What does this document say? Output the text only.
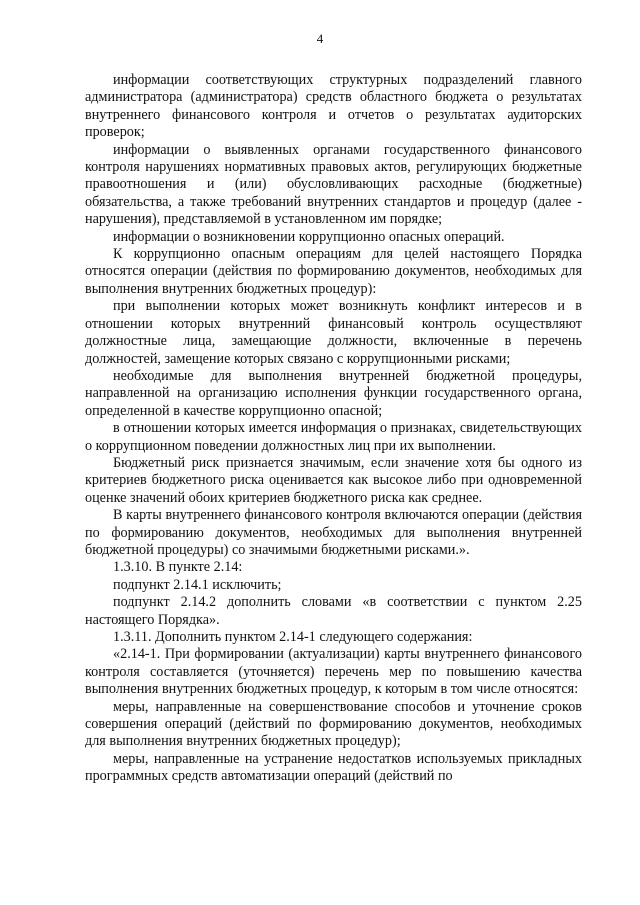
4

информации соответствующих структурных подразделений главного администратора (администратора) средств областного бюджета о результатах внутреннего финансового контроля и отчетов о результатах аудиторских проверок;

информации о выявленных органами государственного финансового контроля нарушениях нормативных правовых актов, регулирующих бюджетные правоотношения и (или) обусловливающих расходные (бюджетные) обязательства, а также требований внутренних стандартов и процедур (далее - нарушения), представляемой в установленном им порядке;

информации о возникновении коррупционно опасных операций.

К коррупционно опасным операциям для целей настоящего Порядка относятся операции (действия по формированию документов, необходимых для выполнения внутренних бюджетных процедур):

при выполнении которых может возникнуть конфликт интересов и в отношении которых внутренний финансовый контроль осуществляют должностные лица, замещающие должности, включенные в перечень должностей, замещение которых связано с коррупционными рисками;

необходимые для выполнения внутренней бюджетной процедуры, направленной на организацию исполнения функции государственного органа, определенной в качестве коррупционно опасной;

в отношении которых имеется информация о признаках, свидетельствующих о коррупционном поведении должностных лиц при их выполнении.

Бюджетный риск признается значимым, если значение хотя бы одного из критериев бюджетного риска оценивается как высокое либо при одновременной оценке значений обоих критериев бюджетного риска как среднее.

В карты внутреннего финансового контроля включаются операции (действия по формированию документов, необходимых для выполнения внутренней бюджетной процедуры) со значимыми бюджетными рисками.».

1.3.10. В пункте 2.14:

подпункт 2.14.1 исключить;

подпункт 2.14.2 дополнить словами «в соответствии с пунктом 2.25 настоящего Порядка».

1.3.11. Дополнить пунктом 2.14-1 следующего содержания:

«2.14-1. При формировании (актуализации) карты внутреннего финансового контроля составляется (уточняется) перечень мер по повышению качества выполнения внутренних бюджетных процедур, к которым в том числе относятся:

меры, направленные на совершенствование способов и уточнение сроков совершения операций (действий по формированию документов, необходимых для выполнения внутренних бюджетных процедур);

меры, направленные на устранение недостатков используемых прикладных программных средств автоматизации операций (действий по
